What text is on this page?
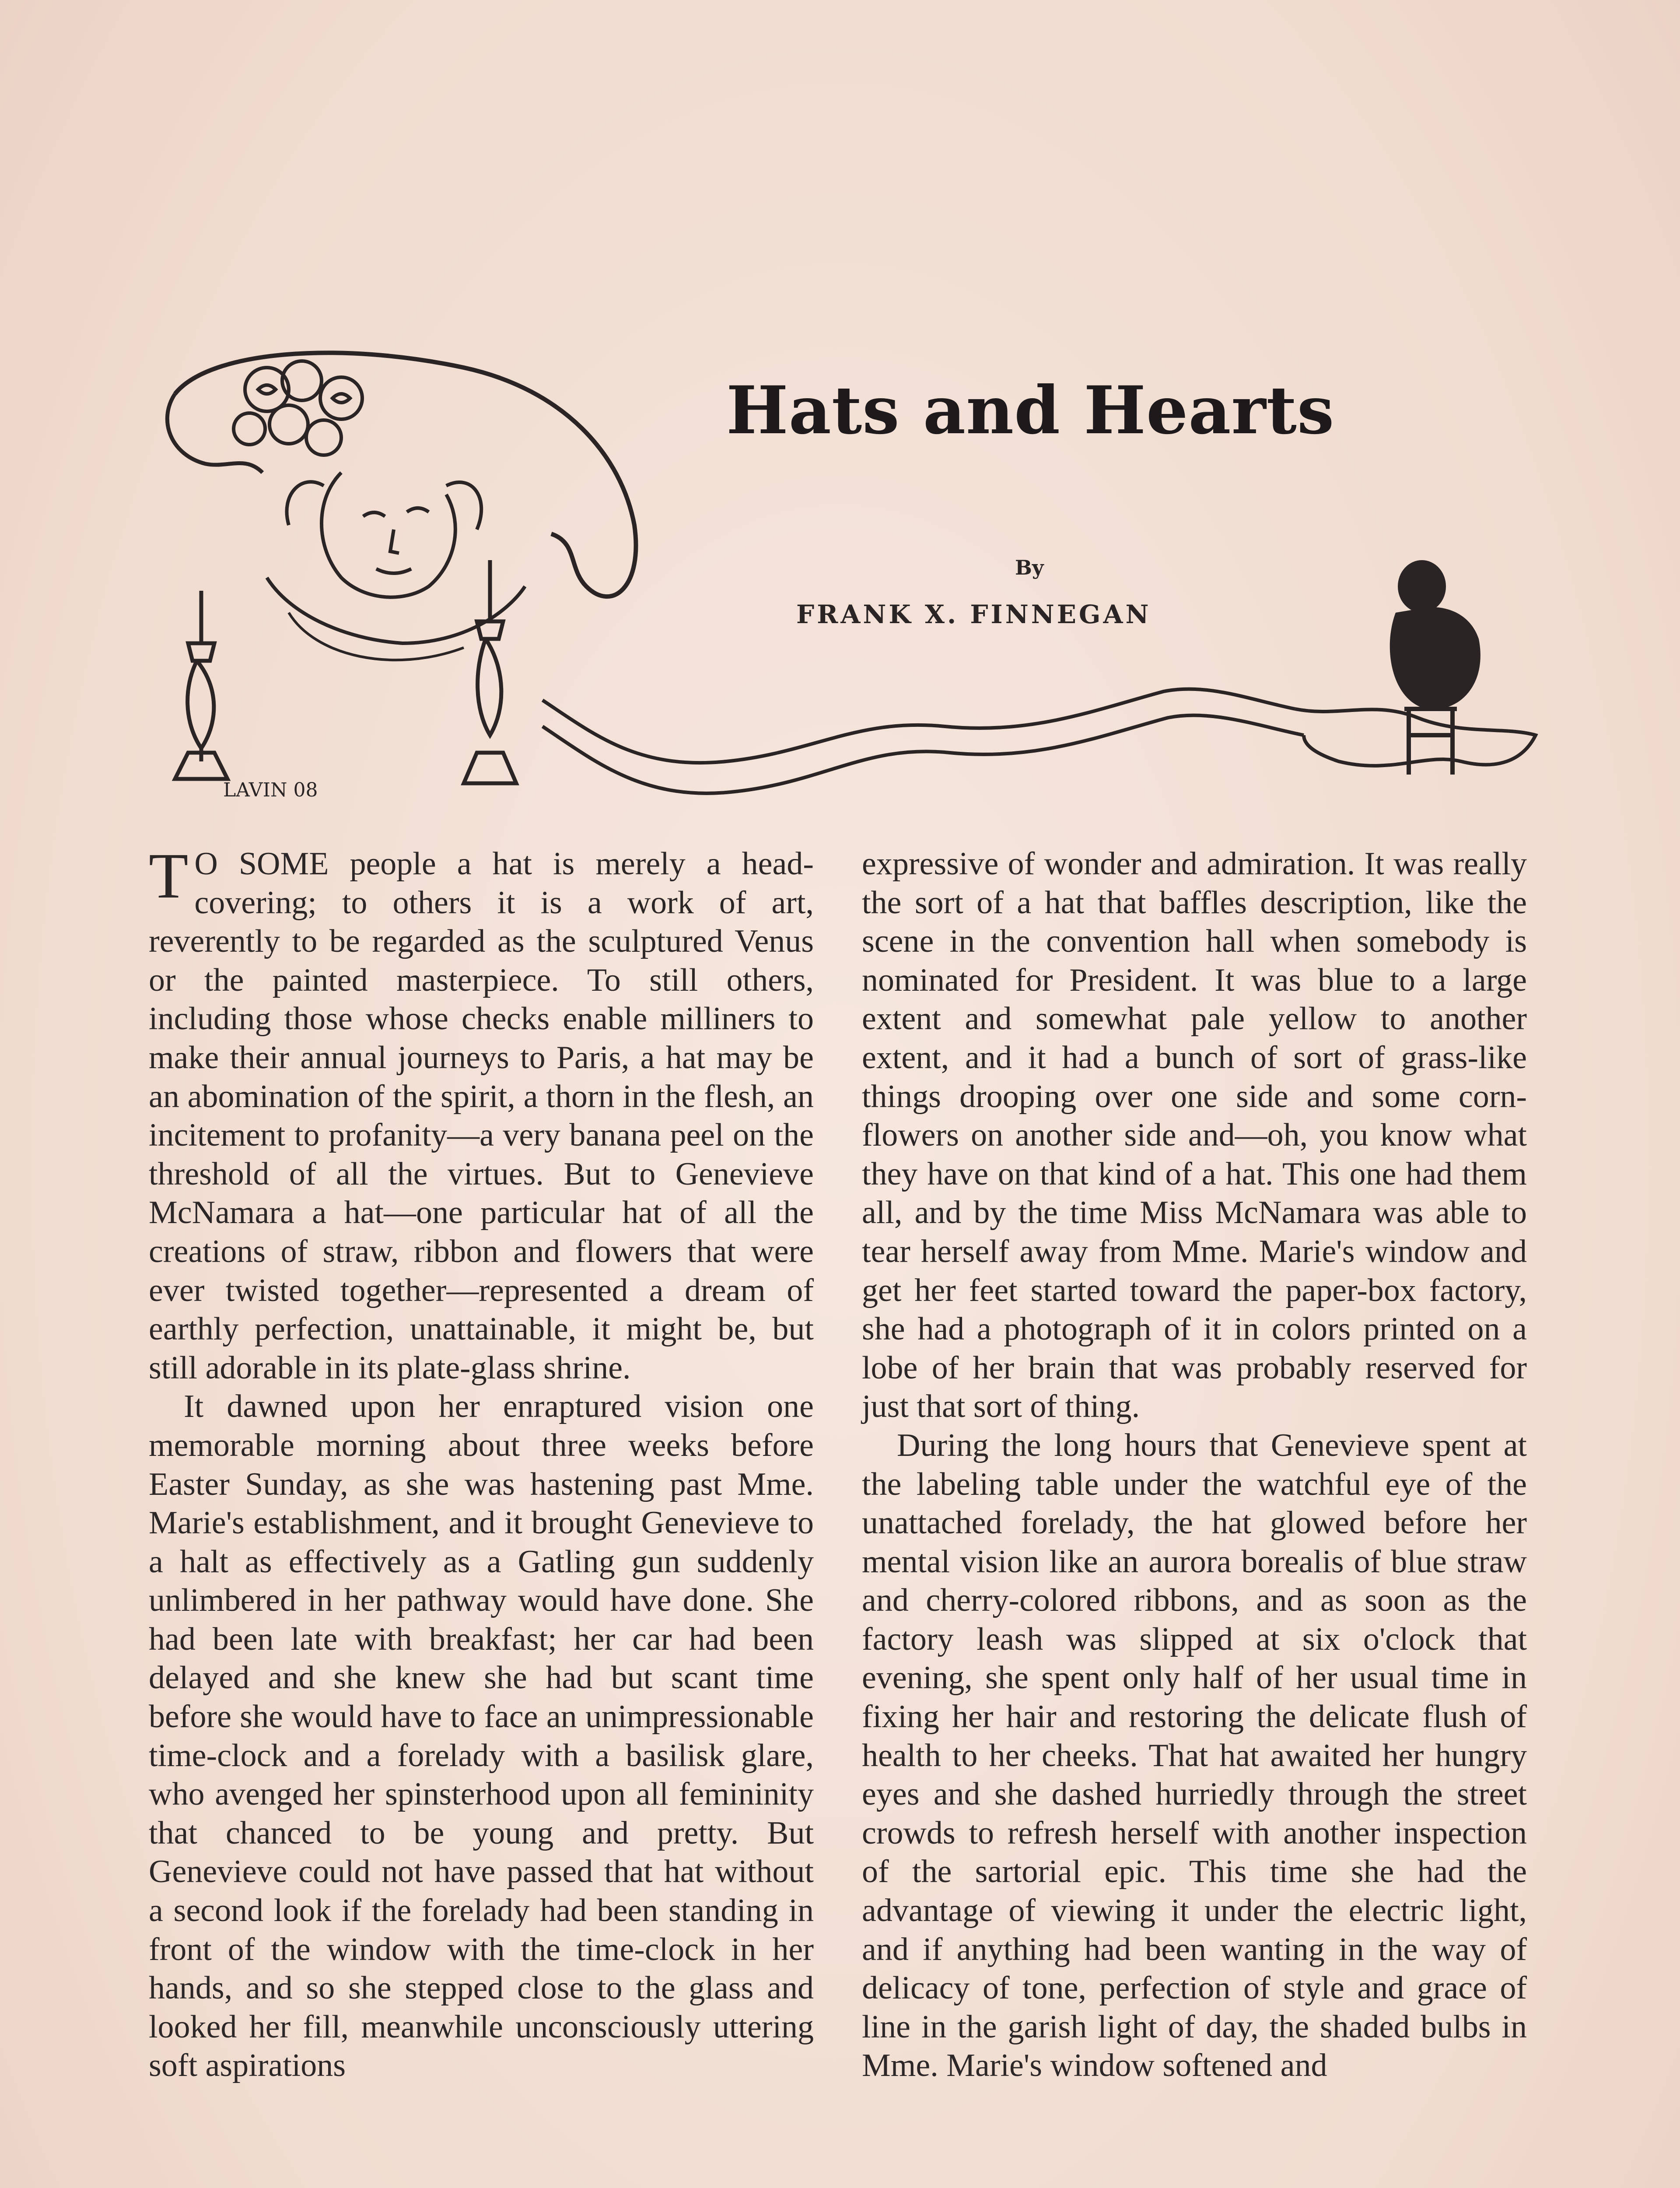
LAVIN 08
Hats and Hearts
By
FRANK X. FINNEGAN

T O SOME people a hat is merely a head-covering; to others it is a work of art, reverently to be regarded as the sculptured Venus or the painted masterpiece. To still others, including those whose checks enable milliners to make their annual journeys to Paris, a hat may be an abomination of the spirit, a thorn in the flesh, an incitement to profanity—a very banana peel on the threshold of all the virtues. But to Genevieve McNamara a hat—one particular hat of all the creations of straw, ribbon and flowers that were ever twisted together—represented a dream of earthly perfection, unattainable, it might be, but still adorable in its plate-glass shrine.

It dawned upon her enraptured vision one memorable morning about three weeks before Easter Sunday, as she was hastening past Mme. Marie's establishment, and it brought Genevieve to a halt as effectively as a Gatling gun suddenly unlimbered in her pathway would have done. She had been late with breakfast; her car had been delayed and she knew she had but scant time before she would have to face an unimpressionable time-clock and a forelady with a basilisk glare, who avenged her spinsterhood upon all femininity that chanced to be young and pretty. But Genevieve could not have passed that hat without a second look if the forelady had been standing in front of the window with the time-clock in her hands, and so she stepped close to the glass and looked her fill, meanwhile unconsciously uttering soft aspirations

expressive of wonder and admiration. It was really the sort of a hat that baffles description, like the scene in the convention hall when somebody is nominated for President. It was blue to a large extent and somewhat pale yellow to another extent, and it had a bunch of sort of grass-like things drooping over one side and some corn-flowers on another side and—oh, you know what they have on that kind of a hat. This one had them all, and by the time Miss McNamara was able to tear herself away from Mme. Marie's window and get her feet started toward the paper-box factory, she had a photograph of it in colors printed on a lobe of her brain that was probably reserved for just that sort of thing.

During the long hours that Genevieve spent at the labeling table under the watchful eye of the unattached forelady, the hat glowed before her mental vision like an aurora borealis of blue straw and cherry-colored ribbons, and as soon as the factory leash was slipped at six o'clock that evening, she spent only half of her usual time in fixing her hair and restoring the delicate flush of health to her cheeks. That hat awaited her hungry eyes and she dashed hurriedly through the street crowds to refresh herself with another inspection of the sartorial epic. This time she had the advantage of viewing it under the electric light, and if anything had been wanting in the way of delicacy of tone, perfection of style and grace of line in the garish light of day, the shaded bulbs in Mme. Marie's window softened and
